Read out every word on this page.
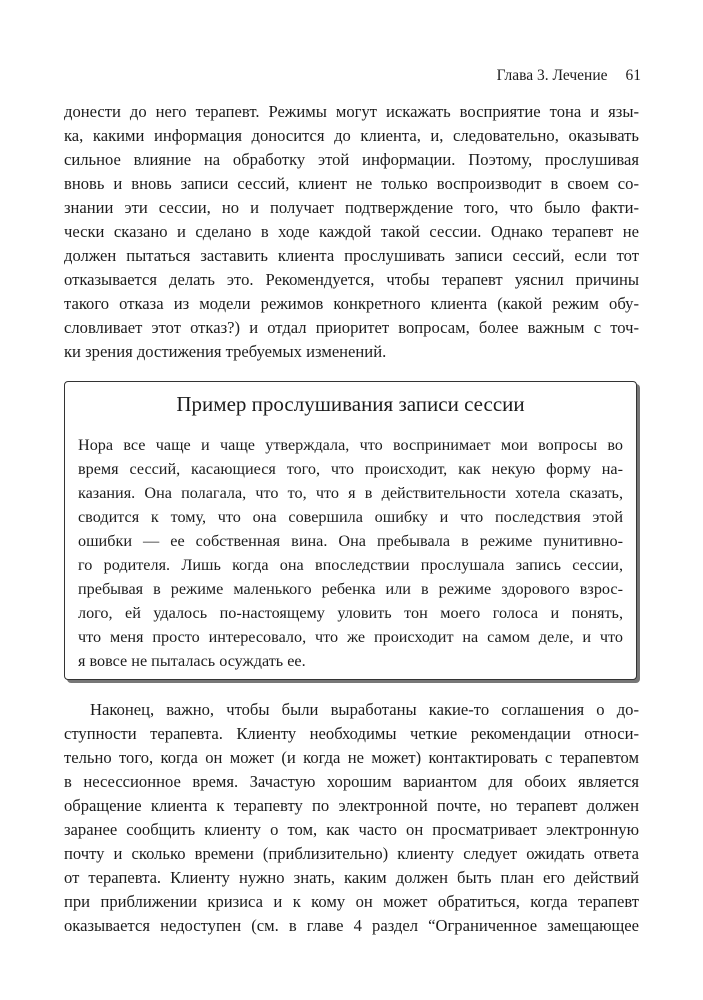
Глава 3. Лечение 61
донести до него терапевт. Режимы могут искажать восприятие тона и язы-
ка, какими информация доносится до клиента, и, следовательно, оказывать
сильное влияние на обработку этой информации. Поэтому, прослушивая
вновь и вновь записи сессий, клиент не только воспроизводит в своем со-
знании эти сессии, но и получает подтверждение того, что было факти-
чески сказано и сделано в ходе каждой такой сессии. Однако терапевт не
должен пытаться заставить клиента прослушивать записи сессий, если тот
отказывается делать это. Рекомендуется, чтобы терапевт уяснил причины
такого отказа из модели режимов конкретного клиента (какой режим обу-
словливает этот отказ?) и отдал приоритет вопросам, более важным с точ-
ки зрения достижения требуемых изменений.
Пример прослушивания записи сессии
Нора все чаще и чаще утверждала, что воспринимает мои вопросы во
время сессий, касающиеся того, что происходит, как некую форму на-
казания. Она полагала, что то, что я в действительности хотела сказать,
сводится к тому, что она совершила ошибку и что последствия этой
ошибки — ее собственная вина. Она пребывала в режиме пунитивно-
го родителя. Лишь когда она впоследствии прослушала запись сессии,
пребывая в режиме маленького ребенка или в режиме здорового взрос-
лого, ей удалось по-настоящему уловить тон моего голоса и понять,
что меня просто интересовало, что же происходит на самом деле, и что
я вовсе не пыталась осуждать ее.
Наконец, важно, чтобы были выработаны какие-то соглашения о до-
ступности терапевта. Клиенту необходимы четкие рекомендации относи-
тельно того, когда он может (и когда не может) контактировать с терапевтом
в несессионное время. Зачастую хорошим вариантом для обоих является
обращение клиента к терапевту по электронной почте, но терапевт должен
заранее сообщить клиенту о том, как часто он просматривает электронную
почту и сколько времени (приблизительно) клиенту следует ожидать ответа
от терапевта. Клиенту нужно знать, каким должен быть план его действий
при приближении кризиса и к кому он может обратиться, когда терапевт
оказывается недоступен (см. в главе 4 раздел “Ограниченное замещающее
